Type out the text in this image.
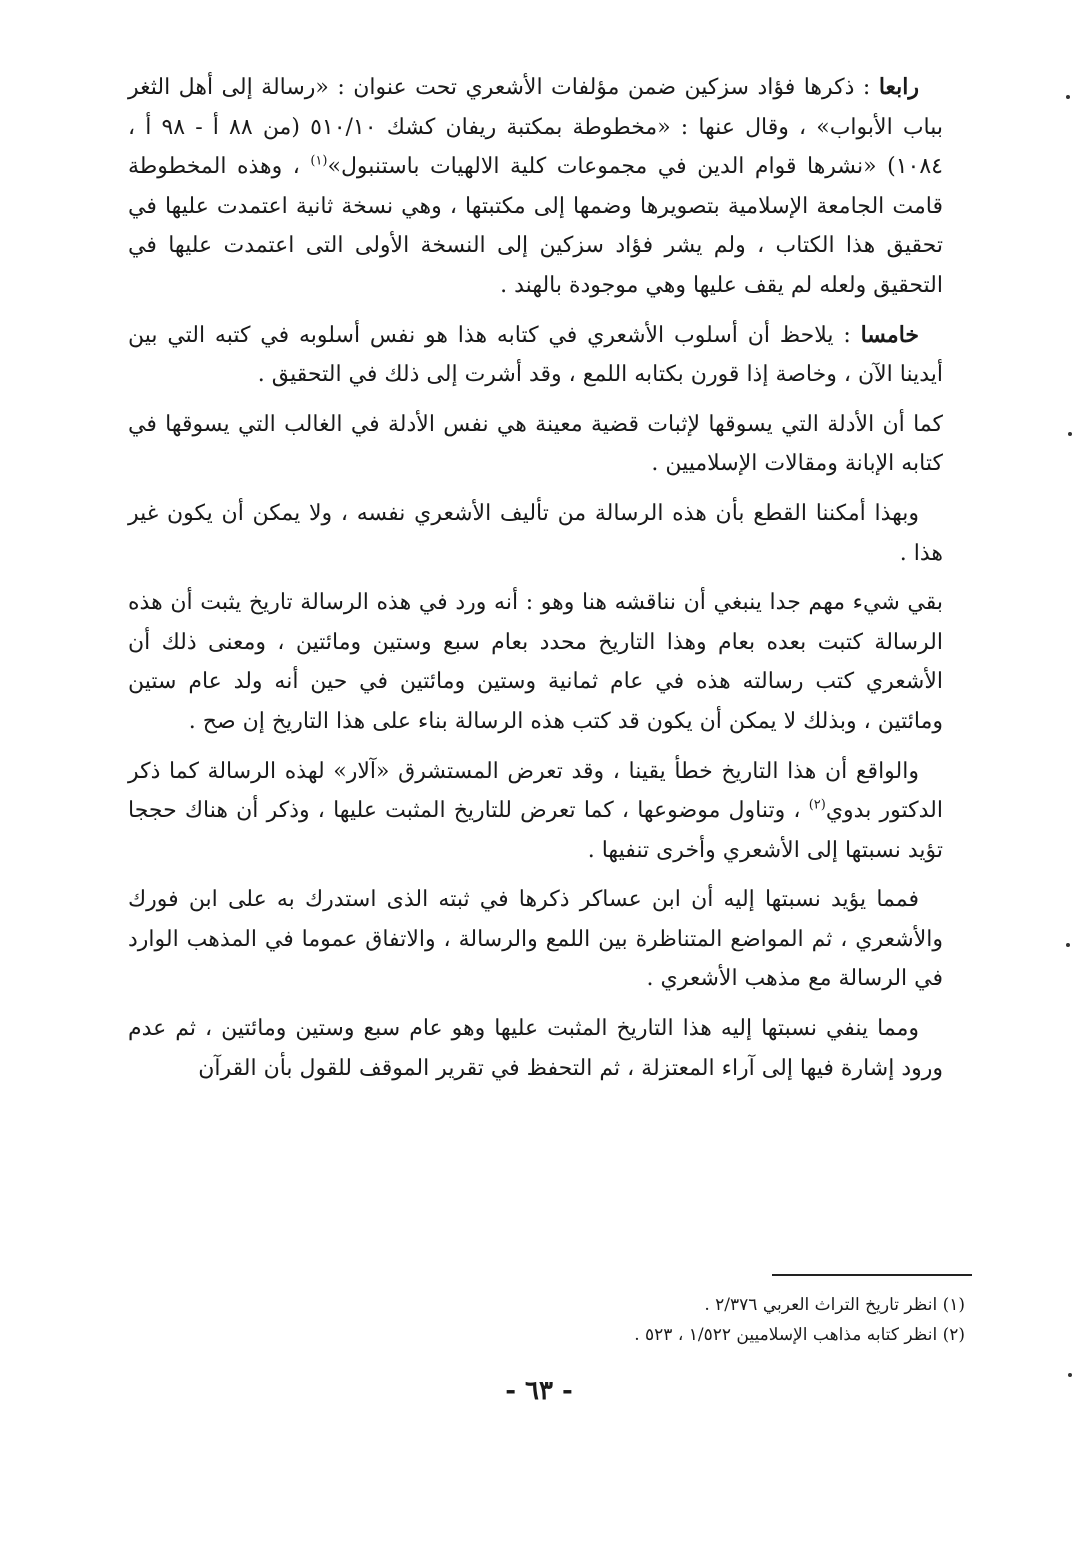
رابعا : ذكرها فؤاد سزكين ضمن مؤلفات الأشعري تحت عنوان : «رسالة إلى أهل الثغر بباب الأبواب» ، وقال عنها : «مخطوطة بمكتبة ريفان كشك ٥١٠/١٠ (من ٨٨ أ - ٩٨ أ ، ١٠٨٤) «نشرها قوام الدين في مجموعات كلية الالهيات باستنبول»$^{(١)}$ ، وهذه المخطوطة قامت الجامعة الإسلامية بتصويرها وضمها إلى مكتبتها ، وهي نسخة ثانية اعتمدت عليها في تحقيق هذا الكتاب ، ولم يشر فؤاد سزكين إلى النسخة الأولى التى اعتمدت عليها في التحقيق ولعله لم يقف عليها وهي موجودة بالهند .

خامسا : يلاحظ أن أسلوب الأشعري في كتابه هذا هو نفس أسلوبه في كتبه التي بين أيدينا الآن ، وخاصة إذا قورن بكتابه اللمع ، وقد أشرت إلى ذلك في التحقيق .

كما أن الأدلة التي يسوقها لإثبات قضية معينة هي نفس الأدلة في الغالب التي يسوقها في كتابه الإبانة ومقالات الإسلاميين .

وبهذا أمكننا القطع بأن هذه الرسالة من تأليف الأشعري نفسه ، ولا يمكن أن يكون غير هذا .

بقي شيء مهم جدا ينبغي أن نناقشه هنا وهو : أنه ورد في هذه الرسالة تاريخ يثبت أن هذه الرسالة كتبت بعده بعام وهذا التاريخ محدد بعام سبع وستين ومائتين ، ومعنى ذلك أن الأشعري كتب رسالته هذه في عام ثمانية وستين ومائتين في حين أنه ولد عام ستين ومائتين ، وبذلك لا يمكن أن يكون قد كتب هذه الرسالة بناء على هذا التاريخ إن صح .

والواقع أن هذا التاريخ خطأ يقينا ، وقد تعرض المستشرق «آلار» لهذه الرسالة كما ذكر الدكتور بدوي$^{(٢)}$ ، وتناول موضوعها ، كما تعرض للتاريخ المثبت عليها ، وذكر أن هناك حججا تؤيد نسبتها إلى الأشعري وأخرى تنفيها .

فمما يؤيد نسبتها إليه أن ابن عساكر ذكرها في ثبته الذى استدرك به على ابن فورك والأشعري ، ثم المواضع المتناظرة بين اللمع والرسالة ، والاتفاق عموما في المذهب الوارد في الرسالة مع مذهب الأشعري .

ومما ينفي نسبتها إليه هذا التاريخ المثبت عليها وهو عام سبع وستين ومائتين ، ثم عدم ورود إشارة فيها إلى آراء المعتزلة ، ثم التحفظ في تقرير الموقف للقول بأن القرآن

(١) انظر تاريخ التراث العربي ٢/٣٧٦ .

(٢) انظر كتابه مذاهب الإسلاميين ١/٥٢٢ ، ٥٢٣ .

- ٦٣ -
